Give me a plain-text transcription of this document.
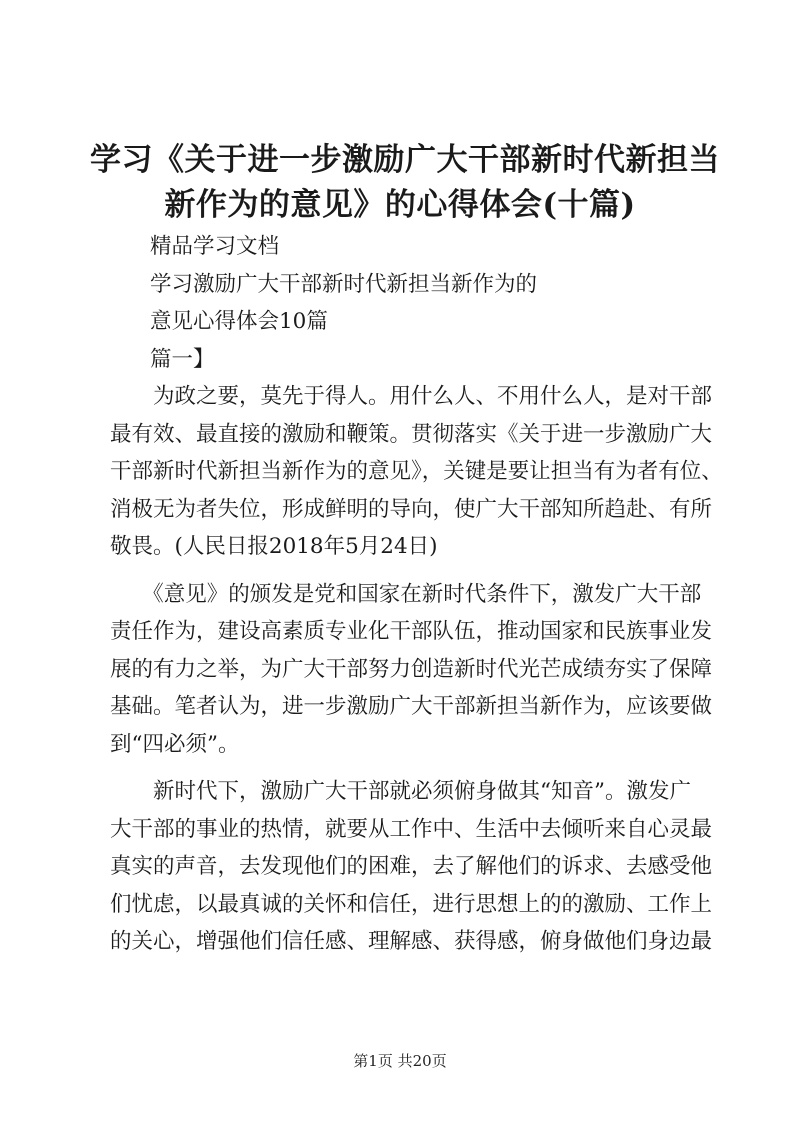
学习《关于进一步激励广大干部新时代新担当
新作为的意见》的心得体会(十篇)

精品学习文档

学习激励广大干部新时代新担当新作为的

意见心得体会10篇

篇一】

　　为政之要，莫先于得人。用什么人、不用什么人，是对干部
最有效、最直接的激励和鞭策。贯彻落实《关于进一步激励广大
干部新时代新担当新作为的意见》，关键是要让担当有为者有位、
消极无为者失位，形成鲜明的导向，使广大干部知所趋赴、有所
敬畏。(人民日报2018年5月24日)

　　《意见》的颁发是党和国家在新时代条件下，激发广大干部
责任作为，建设高素质专业化干部队伍，推动国家和民族事业发
展的有力之举，为广大干部努力创造新时代光芒成绩夯实了保障
基础。笔者认为，进一步激励广大干部新担当新作为，应该要做
到“四必须”。

　　新时代下，激励广大干部就必须俯身做其“知音”。激发广
大干部的事业的热情，就要从工作中、生活中去倾听来自心灵最
真实的声音，去发现他们的困难，去了解他们的诉求、去感受他
们忧虑，以最真诚的关怀和信任，进行思想上的的激励、工作上
的关心，增强他们信任感、理解感、获得感，俯身做他们身边最

第1页 共20页
